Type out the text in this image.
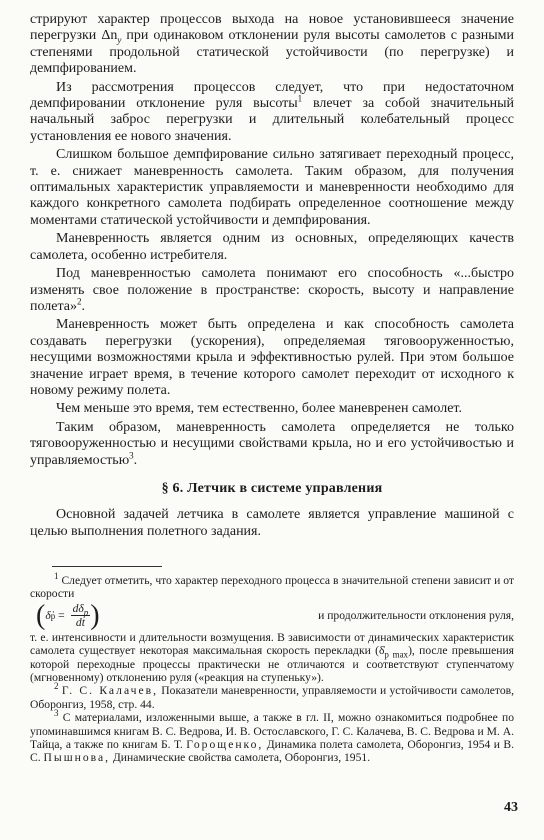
стрируют характер процессов выхода на новое установившееся значение перегрузки $\Delta n_y$ при одинаковом отклонении руля высоты самолетов с разными степенями продольной статической устойчивости (по перегрузке) и демпфированием.

Из рассмотрения процессов следует, что при недостаточном демпфировании отклонение руля высоты$^1$ влечет за собой значительный начальный заброс перегрузки и длительный колебательный процесс установления ее нового значения.

Слишком большое демпфирование сильно затягивает переходный процесс, т. е. снижает маневренность самолета. Таким образом, для получения оптимальных характеристик управляемости и маневренности необходимо для каждого конкретного самолета подбирать определенное соотношение между моментами статической устойчивости и демпфирования.

Маневренность является одним из основных, определяющих качеств самолета, особенно истребителя.

Под маневренностью самолета понимают его способность «...быстро изменять свое положение в пространстве: скорость, высоту и направление полета»$^2$.

Маневренность может быть определена и как способность самолета создавать перегрузки (ускорения), определяемая тяговооруженностью, несущими возможностями крыла и эффективностью рулей. При этом большое значение играет время, в течение которого самолет переходит от исходного к новому режиму полета.

Чем меньше это время, тем естественно, более маневренен самолет.

Таким образом, маневренность самолета определяется не только тяговооруженностью и несущими свойствами крыла, но и его устойчивостью и управляемостью$^3$.

§ 6. Летчик в системе управления

Основной задачей летчика в самолете является управление машиной с целью выполнения полетного задания.

$^1$ Следует отметить, что характер переходного процесса в значительной степени зависит и от скорости

( δ̇ $р = \frac{d\delta_р}{dt}$ )	и продолжительности отклонения руля,

т. е. интенсивности и длительности возмущения. В зависимости от динамических характеристик самолета существует некоторая максимальная скорость перекладки $(\deltȧ_{р max})$, после превышения которой переходные процессы практически не отличаются и соответствуют ступенчатому (мгновенному) отклонению руля («реакция на ступеньку»).

$^2$ Г. С. Калачев, Показатели маневренности, управляемости и устойчивости самолетов, Оборонгиз, 1958, стр. 44.

$^3$ С материалами, изложенными выше, а также в гл. II, можно ознакомиться подробнее по упоминавшимся книгам В. С. Ведрова, И. В. Остославского, Г. С. Калачева, В. С. Ведрова и М. А. Тайца, а также по книгам Б. Т. Горощенко, Динамика полета самолета, Оборонгиз, 1954 и В. С. Пышнова, Динамические свойства самолета, Оборонгиз, 1951.

43
